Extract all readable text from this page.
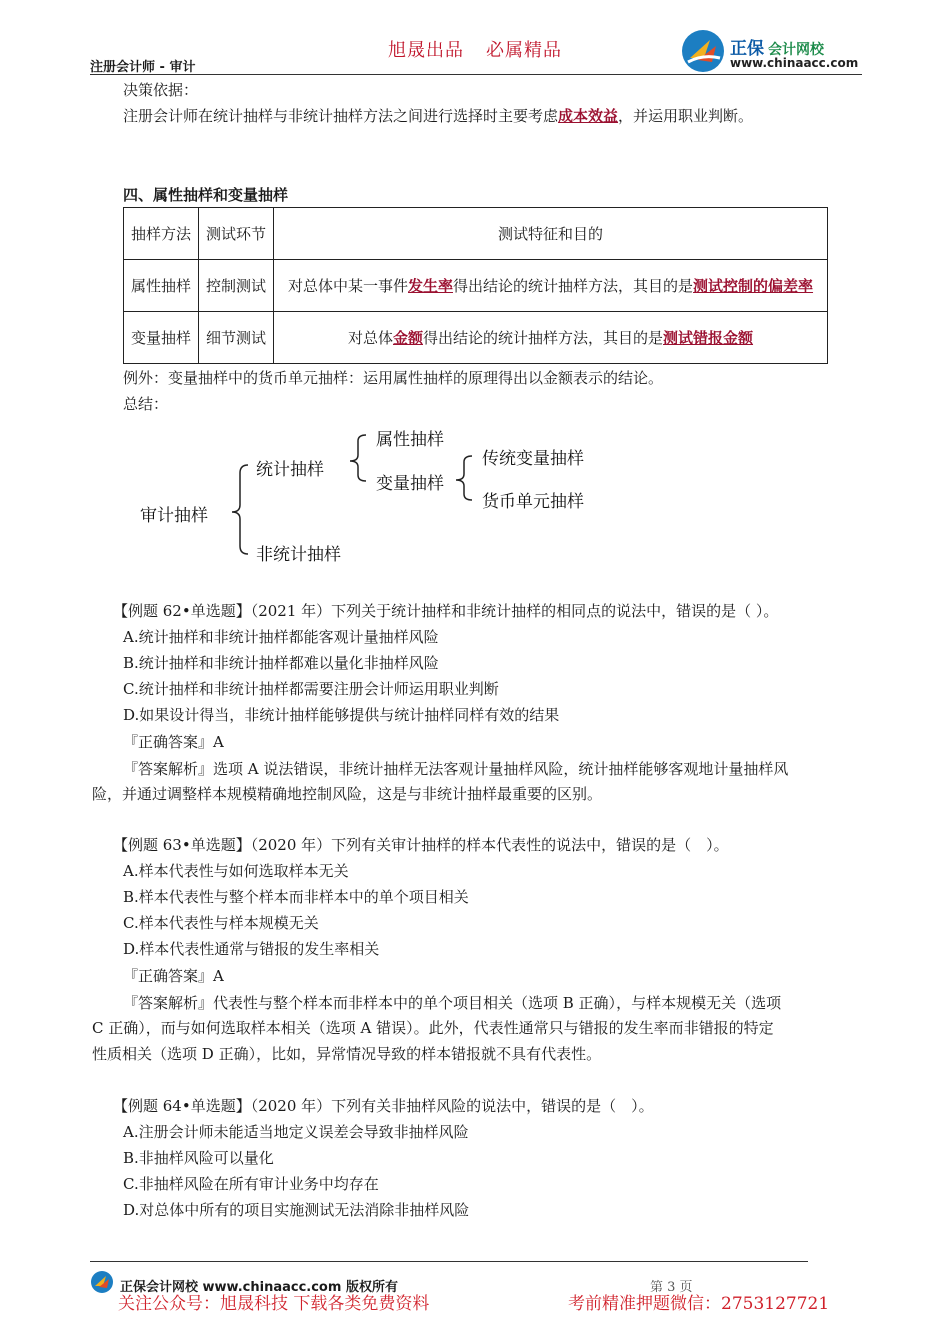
旭晟出品 必属精品
注册会计师 - 审计
正保 会计网校
www.chinaacc.com
决策依据：
注册会计师在统计抽样与非统计抽样方法之间进行选择时主要考虑成本效益，并运用职业判断。
四、属性抽样和变量抽样
抽样方法	测试环节	测试特征和目的
属性抽样	控制测试	对总体中某一事件发生率得出结论的统计抽样方法，其目的是测试控制的偏差率
变量抽样	细节测试	对总体金额得出结论的统计抽样方法，其目的是测试错报金额
例外：变量抽样中的货币单元抽样：运用属性抽样的原理得出以金额表示的结论。
总结：
审计抽样
统计抽样
非统计抽样
属性抽样
变量抽样
传统变量抽样
货币单元抽样
【例题 62•单选题】（2021 年）下列关于统计抽样和非统计抽样的相同点的说法中，错误的是（ ）。
A.统计抽样和非统计抽样都能客观计量抽样风险
B.统计抽样和非统计抽样都难以量化非抽样风险
C.统计抽样和非统计抽样都需要注册会计师运用职业判断
D.如果设计得当，非统计抽样能够提供与统计抽样同样有效的结果
『正确答案』A
『答案解析』选项 A 说法错误，非统计抽样无法客观计量抽样风险，统计抽样能够客观地计量抽样风
险，并通过调整样本规模精确地控制风险，这是与非统计抽样最重要的区别。
【例题 63•单选题】（2020 年）下列有关审计抽样的样本代表性的说法中，错误的是（　）。
A.样本代表性与如何选取样本无关
B.样本代表性与整个样本而非样本中的单个项目相关
C.样本代表性与样本规模无关
D.样本代表性通常与错报的发生率相关
『正确答案』A
『答案解析』代表性与整个样本而非样本中的单个项目相关（选项 B 正确），与样本规模无关（选项
C 正确），而与如何选取样本相关（选项 A 错误）。此外，代表性通常只与错报的发生率而非错报的特定
性质相关（选项 D 正确），比如，异常情况导致的样本错报就不具有代表性。
【例题 64•单选题】（2020 年）下列有关非抽样风险的说法中，错误的是（　）。
A.注册会计师未能适当地定义误差会导致非抽样风险
B.非抽样风险可以量化
C.非抽样风险在所有审计业务中均存在
D.对总体中所有的项目实施测试无法消除非抽样风险
正保会计网校 www.chinaacc.com 版权所有	第 3 页
关注公众号：旭晟科技 下载各类免费资料	考前精准押题微信：2753127721
